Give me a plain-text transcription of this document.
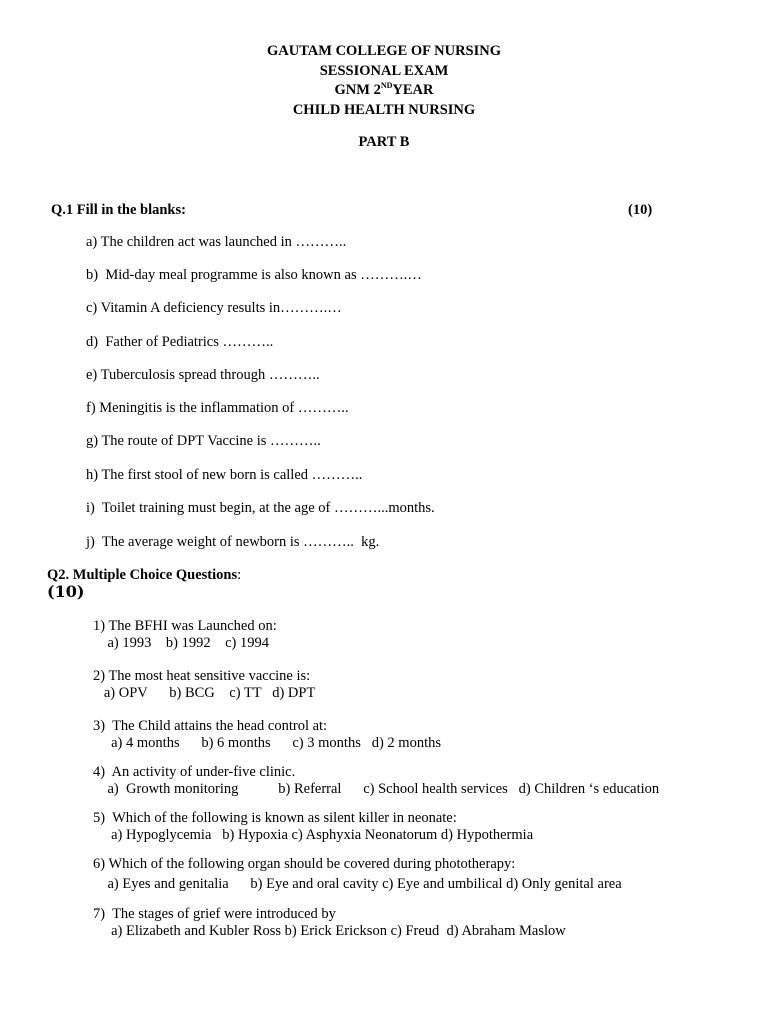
GAUTAM COLLEGE OF NURSING
SESSIONAL EXAM
GNM 2NDYEAR
CHILD HEALTH NURSING
PART B
Q.1 Fill in the blanks:	(10)
a) The children act was launched in ………..
b)  Mid-day meal programme is also known as ……….…
c) Vitamin A deficiency results in……….…
d)  Father of Pediatrics ………..
e) Tuberculosis spread through ………..
f) Meningitis is the inflammation of ………..
g) The route of DPT Vaccine is ………..
h) The first stool of new born is called ………..
i)  Toilet training must begin, at the age of ………...months.
j)  The average weight of newborn is ………..  kg.
Q2. Multiple Choice Questions:
(10)
1) The BFHI was Launched on:
a) 1993    b) 1992    c) 1994
2) The most heat sensitive vaccine is:
a) OPV      b) BCG    c) TT   d) DPT
3)  The Child attains the head control at:
a) 4 months      b) 6 months      c) 3 months   d) 2 months
4)  An activity of under-five clinic.
a)  Growth monitoring           b) Referral      c) School health services   d) Children ‘s education
5)  Which of the following is known as silent killer in neonate:
a) Hypoglycemia   b) Hypoxia c) Asphyxia Neonatorum d) Hypothermia
6) Which of the following organ should be covered during phototherapy:
a) Eyes and genitalia      b) Eye and oral cavity c) Eye and umbilical d) Only genital area
7)  The stages of grief were introduced by
a) Elizabeth and Kubler Ross b) Erick Erickson c) Freud  d) Abraham Maslow
